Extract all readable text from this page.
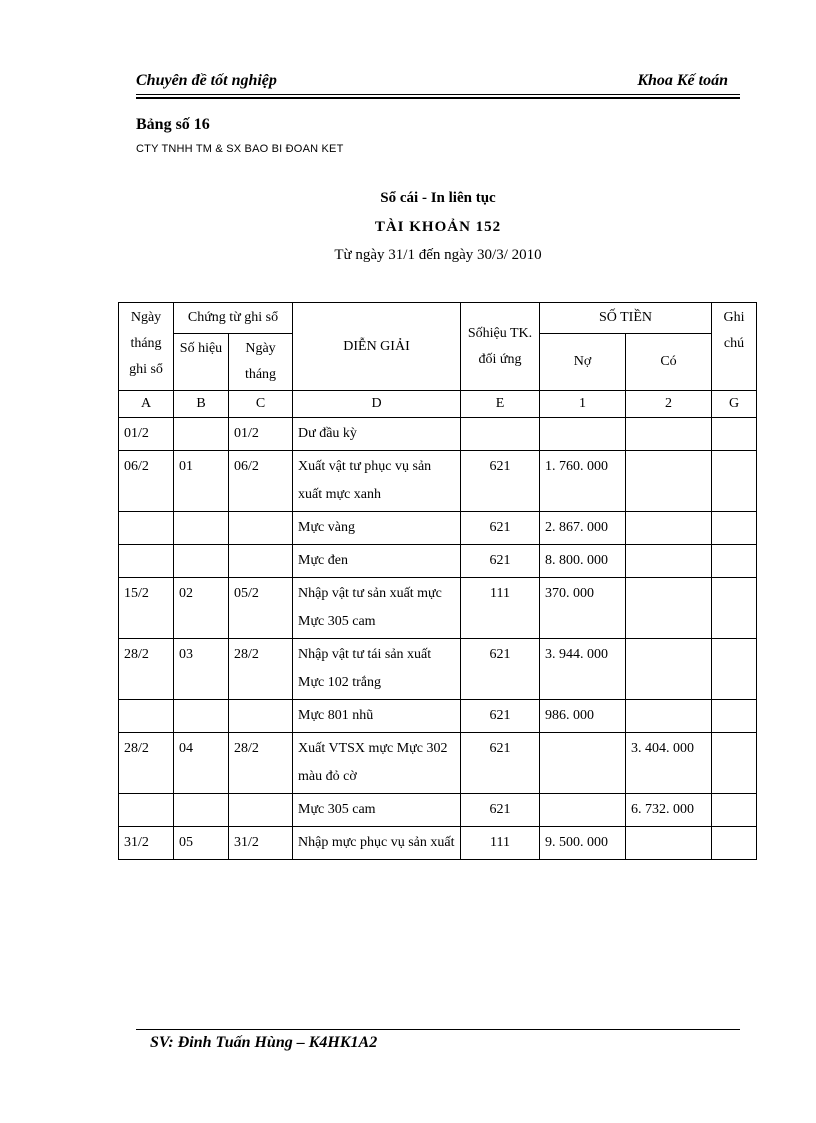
Chuyên đề tốt nghiệp	Khoa Kế toán
Bảng số 16
CTY TNHH TM & SX BAO BI ĐOAN KET
Sổ cái - In liên tục
TÀI KHOẢN 152
Từ ngày 31/1 đến ngày 30/3/ 2010
Ngày tháng ghi sổ	Chứng từ ghi sổ		DIỄN GIẢI	Sốhiệu TK. đối ứng	SỐ TIỀN		Ghi chú
	Số hiệu	Ngày tháng			Nợ	Có	
A	B	C	D	E	1	2	G
01/2		01/2	Dư đầu kỳ				
06/2	01	06/2	Xuất vật tư phục vụ sản xuất mực xanh	621	1. 760. 000		
			Mực vàng	621	2. 867. 000		
			Mực đen	621	8. 800. 000		
15/2	02	05/2	Nhập vật tư sản xuất mực Mực 305 cam	111	370. 000		
28/2	03	28/2	Nhập vật tư tái sản xuất Mực 102 trắng	621	3. 944. 000		
			Mực 801 nhũ	621	986. 000		
28/2	04	28/2	Xuất VTSX mực Mực 302 màu đỏ cờ	621		3. 404. 000	
			Mực 305 cam	621		6. 732. 000	
31/2	05	31/2	Nhập mực phục vụ sản xuất	111	9. 500. 000		
SV: Đinh Tuấn Hùng – K4HK1A2
